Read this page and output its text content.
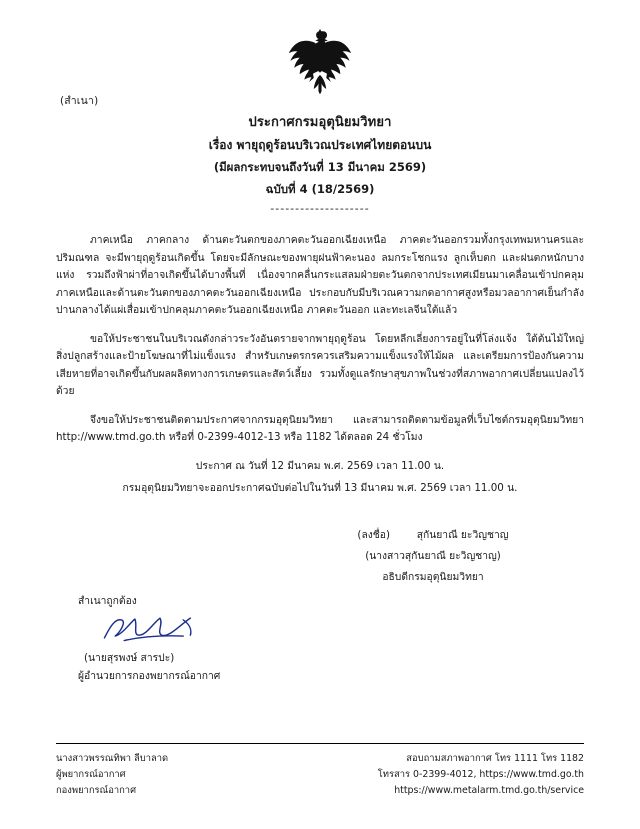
(สำเนา)
ประกาศกรมอุตุนิยมวิทยา
เรื่อง พายุฤดูร้อนบริเวณประเทศไทยตอนบน
(มีผลกระทบจนถึงวันที่ 13 มีนาคม 2569)
ฉบับที่ 4 (18/2569)
--------------------

ภาคเหนือ ภาคกลาง ด้านตะวันตกของภาคตะวันออกเฉียงเหนือ ภาคตะวันออกรวมทั้งกรุงเทพมหานครและปริมณฑล จะมีพายุฤดูร้อนเกิดขึ้น โดยจะมีลักษณะของพายุฝนฟ้าคะนอง ลมกระโชกแรง ลูกเห็บตก และฝนตกหนักบางแห่ง รวมถึงฟ้าผ่าที่อาจเกิดขึ้นได้บางพื้นที่ เนื่องจากคลื่นกระแสลมฝ่ายตะวันตกจากประเทศเมียนมาเคลื่อนเข้าปกคลุมภาคเหนือและด้านตะวันตกของภาคตะวันออกเฉียงเหนือ ประกอบกับมีบริเวณความกดอากาศสูงหรือมวลอากาศเย็นกำลังปานกลางได้แผ่เสื่อมเข้าปกคลุมภาคตะวันออกเฉียงเหนือ ภาคตะวันออก และทะเลจีนใต้แล้ว

ขอให้ประชาชนในบริเวณดังกล่าวระวังอันตรายจากพายุฤดูร้อน โดยหลีกเลี่ยงการอยู่ในที่โล่งแจ้ง ใต้ต้นไม้ใหญ่ สิ่งปลูกสร้างและป้ายโฆษณาที่ไม่แข็งแรง สำหรับเกษตรกรควรเสริมความแข็งแรงให้ไม้ผล และเตรียมการป้องกันความเสียหายที่อาจเกิดขึ้นกับผลผลิตทางการเกษตรและสัตว์เลี้ยง รวมทั้งดูแลรักษาสุขภาพในช่วงที่สภาพอากาศเปลี่ยนแปลงไว้ด้วย

จึงขอให้ประชาชนติดตามประกาศจากกรมอุตุนิยมวิทยา และสามารถติดตามข้อมูลที่เว็บไซต์กรมอุตุนิยมวิทยา http://www.tmd.go.th หรือที่ 0-2399-4012-13 หรือ 1182 ได้ตลอด 24 ชั่วโมง

ประกาศ ณ วันที่ 12 มีนาคม พ.ศ. 2569 เวลา 11.00 น.
กรมอุตุนิยมวิทยาจะออกประกาศฉบับต่อไปในวันที่ 13 มีนาคม พ.ศ. 2569 เวลา 11.00 น.
(ลงชื่อ)	สุกันยาณี ยะวิญชาญ
(นางสาวสุกันยาณี ยะวิญชาญ)
อธิบดีกรมอุตุนิยมวิทยา
สำเนาถูกต้อง
(นายสุรพงษ์ สารปะ)
ผู้อำนวยการกองพยากรณ์อากาศ
นางสาวพรรณทิพา ลีบาลาด
ผู้พยากรณ์อากาศ
กองพยากรณ์อากาศ
สอบถามสภาพอากาศ โทร 1111 โทร 1182
โทรสาร 0-2399-4012, https://www.tmd.go.th
https://www.metalarm.tmd.go.th/service
